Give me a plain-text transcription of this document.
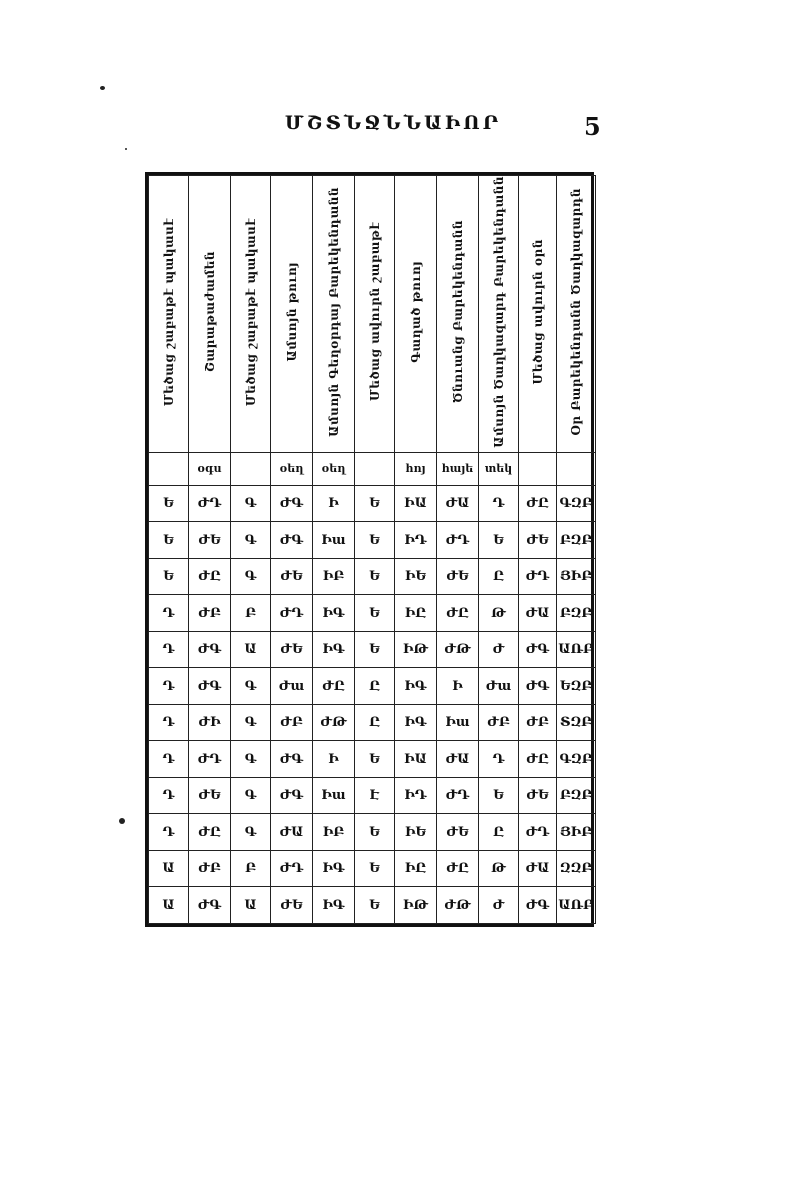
ՄՇՏՆՋՆՆԱԻՈՐ	5
Մեծաց շաբաթէ պակասէ	Շարաթաժամեն	Մեծաց շաբաթէ պակասէ	Ամսոյն թուոյ	Ամսոյն Գեղօրդայ Բարեկենդանն	Մեծաց ավուրն շաբաթէ	Գաղած թուոյ	Ծնուանց Բարեկենդանն	Ամսոյն Ծաղկազարդ Բարեկենդանն	Մեծաց ավուրն օրն	Օր Բարեկենդանն Ծաղկազարդն
	օգս		օեղ	օեղ		հոյ	հայե	տեկ		
Ե	ԺԴ	Գ	ԺԳ	Ի	Ե	ԻԱ	ԺԱ	Դ	ԺԸ	ԳԶԲ
Ե	ԺԵ	Գ	ԺԳ	Իա	Ե	ԻԴ	ԺԴ	Ե	ԺԵ	ԲԶԲ
Ե	ԺԸ	Գ	ԺԵ	ԻԲ	Ե	ԻԵ	ԺԵ	Ը	ԺԴ	ՅԻԲ
Դ	ԺԲ	Բ	ԺԴ	ԻԳ	Ե	ԻԸ	ԺԸ	Թ	ԺԱ	ԲԶԲ
Դ	ԺԳ	Ա	ԺԵ	ԻԳ	Ե	ԻԹ	ԺԹ	Ժ	ԺԳ	ԱՌԲ
Դ	ԺԳ	Գ	Ժա	ԺԸ	Ը	ԻԳ	Ի	Ժա	ԺԳ	ԵԶԲ
Դ	ԺԻ	Գ	ԺԲ	ԺԹ	Ը	ԻԳ	Իա	ԺԲ	ԺԲ	ՏԶԲ
Դ	ԺԴ	Գ	ԺԳ	Ի	Ե	ԻԱ	ԺԱ	Դ	ԺԸ	ԳԶԲ
Դ	ԺԵ	Գ	ԺԳ	Իա	Է	ԻԴ	ԺԴ	Ե	ԺԵ	ԲԶԲ
Դ	ԺԸ	Գ	ԺԱ	ԻԲ	Ե	ԻԵ	ԺԵ	Ը	ԺԴ	ՅԻԲ
Ա	ԺԲ	Բ	ԺԴ	ԻԳ	Ե	ԻԸ	ԺԸ	Թ	ԺԱ	ԶԶԲ
Ա	ԺԳ	Ա	ԺԵ	ԻԳ	Ե	ԻԹ	ԺԹ	Ժ	ԺԳ	ԱՌԲ
